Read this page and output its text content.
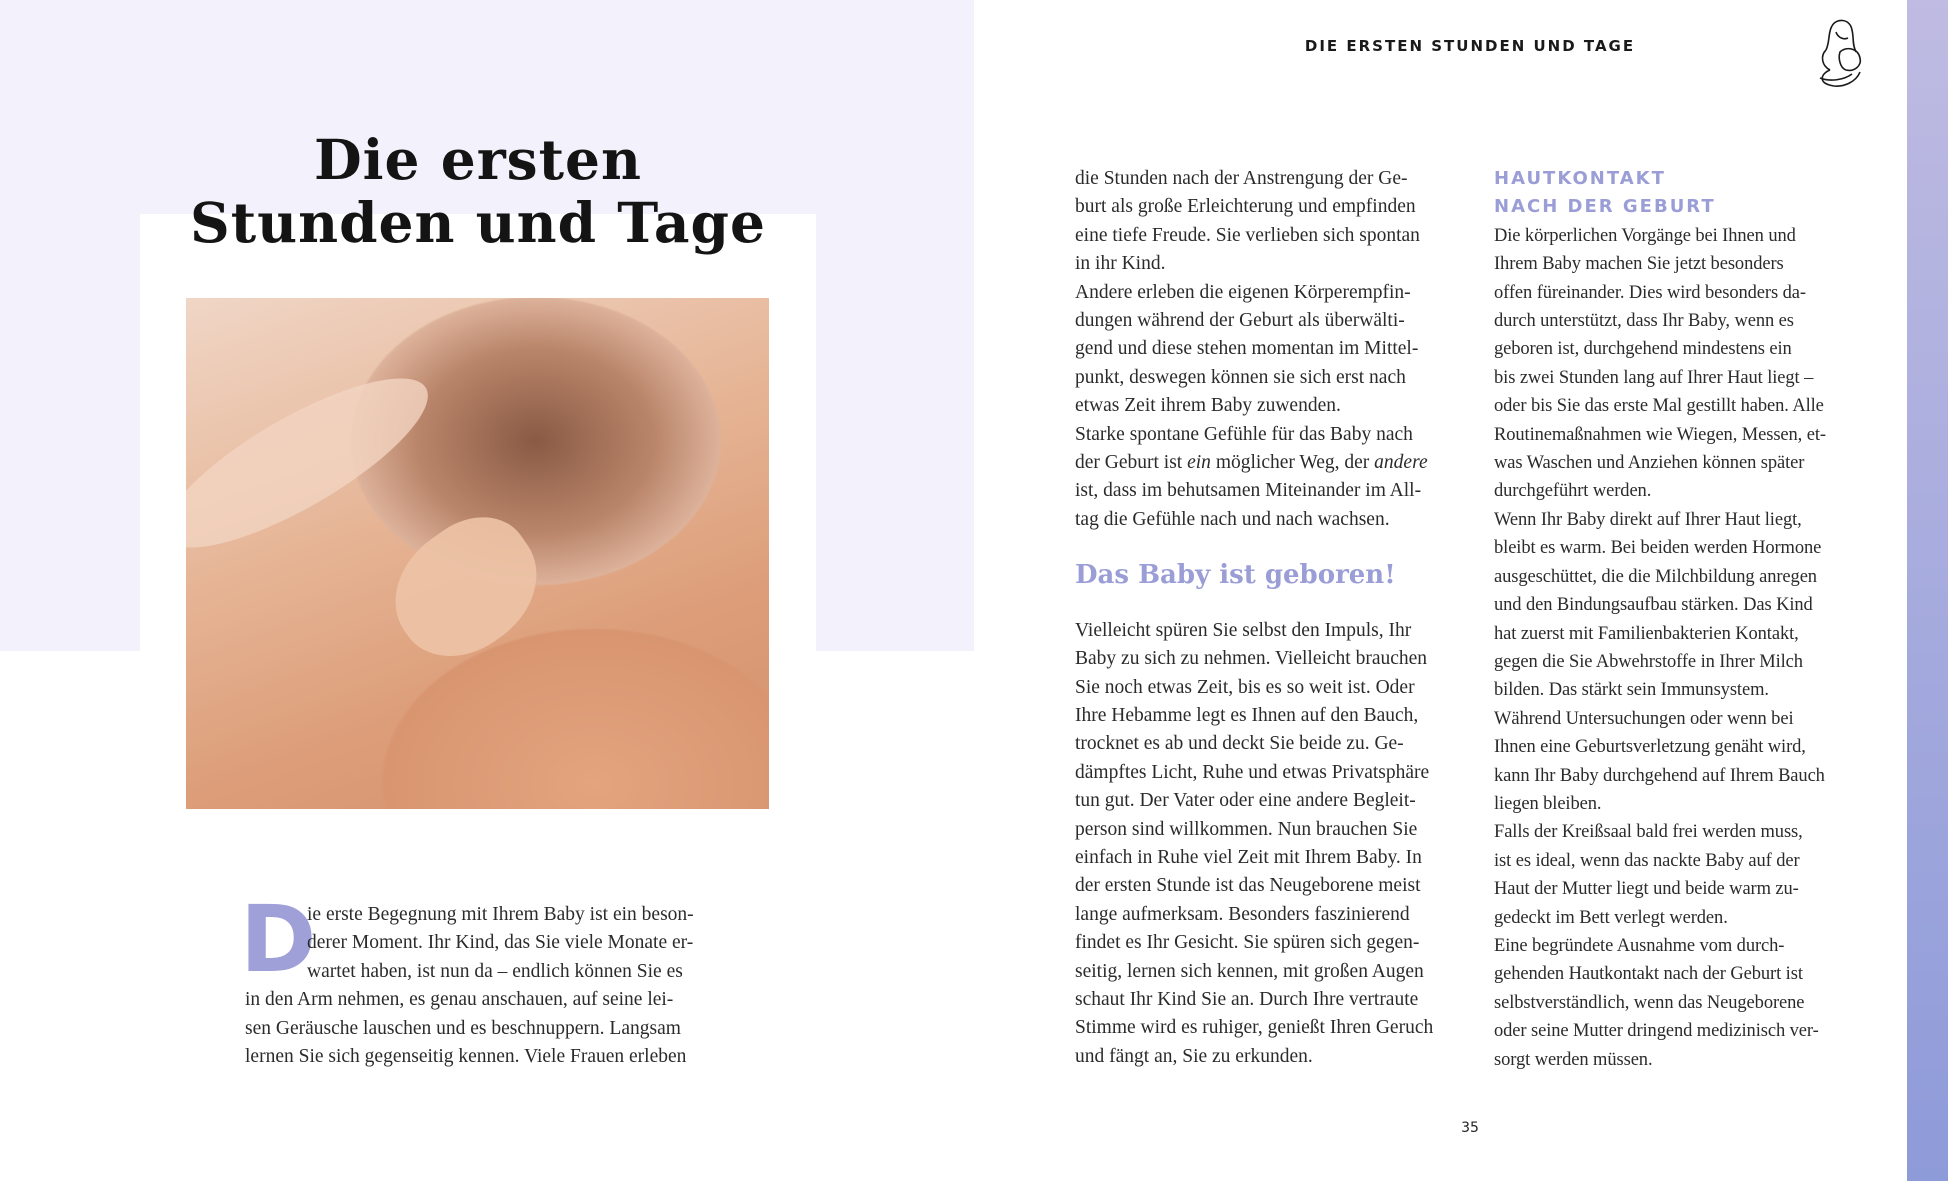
Die ersten
Stunden und Tage
D
ie erste Begegnung mit Ihrem Baby ist ein beson-
derer Moment. Ihr Kind, das Sie viele Monate er-
wartet haben, ist nun da – endlich können Sie es
in den Arm nehmen, es genau anschauen, auf seine lei-
sen Geräusche lauschen und es beschnuppern. Langsam
lernen Sie sich gegenseitig kennen. Viele Frauen erleben
DIE ERSTEN STUNDEN UND TAGE
die Stunden nach der Anstrengung der Ge-
burt als große Erleichterung und empfinden
eine tiefe Freude. Sie verlieben sich spontan
in ihr Kind.
Andere erleben die eigenen Körperempfin-
dungen während der Geburt als überwälti-
gend und diese stehen momentan im Mittel-
punkt, deswegen können sie sich erst nach
etwas Zeit ihrem Baby zuwenden.
Starke spontane Gefühle für das Baby nach
der Geburt ist ein möglicher Weg, der andere
ist, dass im behutsamen Miteinander im All-
tag die Gefühle nach und nach wachsen.
Das Baby ist geboren!
Vielleicht spüren Sie selbst den Impuls, Ihr
Baby zu sich zu nehmen. Vielleicht brauchen
Sie noch etwas Zeit, bis es so weit ist. Oder
Ihre Hebamme legt es Ihnen auf den Bauch,
trocknet es ab und deckt Sie beide zu. Ge-
dämpftes Licht, Ruhe und etwas Privatsphäre
tun gut. Der Vater oder eine andere Begleit-
person sind willkommen. Nun brauchen Sie
einfach in Ruhe viel Zeit mit Ihrem Baby. In
der ersten Stunde ist das Neugeborene meist
lange aufmerksam. Besonders faszinierend
findet es Ihr Gesicht. Sie spüren sich gegen-
seitig, lernen sich kennen, mit großen Augen
schaut Ihr Kind Sie an. Durch Ihre vertraute
Stimme wird es ruhiger, genießt Ihren Geruch
und fängt an, Sie zu erkunden.
HAUTKONTAKT
NACH DER GEBURT
Die körperlichen Vorgänge bei Ihnen und
Ihrem Baby machen Sie jetzt besonders
offen füreinander. Dies wird besonders da-
durch unterstützt, dass Ihr Baby, wenn es
geboren ist, durchgehend mindestens ein
bis zwei Stunden lang auf Ihrer Haut liegt –
oder bis Sie das erste Mal gestillt haben. Alle
Routinemaßnahmen wie Wiegen, Messen, et-
was Waschen und Anziehen können später
durchgeführt werden.
Wenn Ihr Baby direkt auf Ihrer Haut liegt,
bleibt es warm. Bei beiden werden Hormone
ausgeschüttet, die die Milchbildung anregen
und den Bindungsaufbau stärken. Das Kind
hat zuerst mit Familienbakterien Kontakt,
gegen die Sie Abwehrstoffe in Ihrer Milch
bilden. Das stärkt sein Immunsystem.
Während Untersuchungen oder wenn bei
Ihnen eine Geburtsverletzung genäht wird,
kann Ihr Baby durchgehend auf Ihrem Bauch
liegen bleiben.
Falls der Kreißsaal bald frei werden muss,
ist es ideal, wenn das nackte Baby auf der
Haut der Mutter liegt und beide warm zu-
gedeckt im Bett verlegt werden.
Eine begründete Ausnahme vom durch-
gehenden Hautkontakt nach der Geburt ist
selbstverständlich, wenn das Neugeborene
oder seine Mutter dringend medizinisch ver-
sorgt werden müssen.
35
